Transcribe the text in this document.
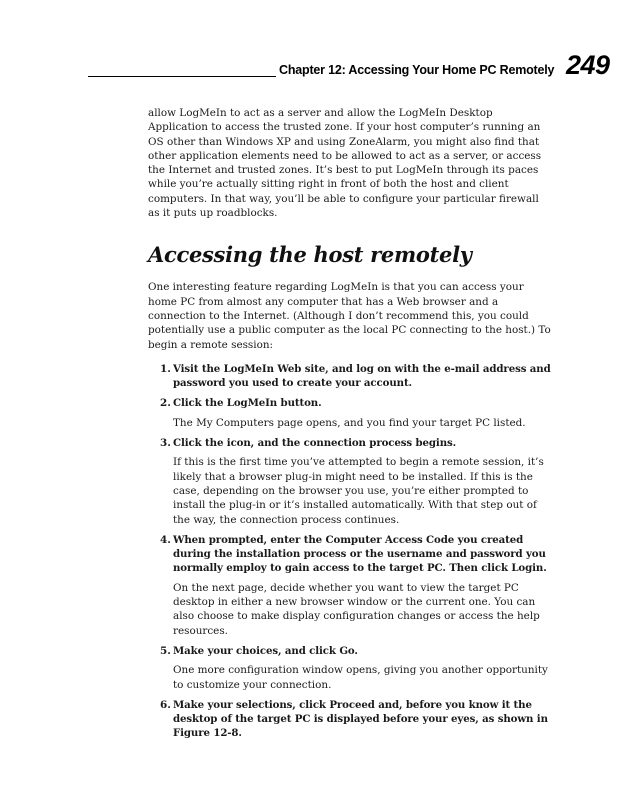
Chapter 12: Accessing Your Home PC Remotely 249

allow LogMeIn to act as a server and allow the LogMeIn Desktop Application to access the trusted zone. If your host computer’s running an OS other than Windows XP and using ZoneAlarm, you might also find that other application elements need to be allowed to act as a server, or access the Internet and trusted zones. It’s best to put LogMeIn through its paces while you’re actually sitting right in front of both the host and client computers. In that way, you’ll be able to configure your particular firewall as it puts up roadblocks.

Accessing the host remotely

One interesting feature regarding LogMeIn is that you can access your home PC from almost any computer that has a Web browser and a connection to the Internet. (Although I don’t recommend this, you could potentially use a public computer as the local PC connecting to the host.) To begin a remote session:

1. Visit the LogMeIn Web site, and log on with the e-mail address and password you used to create your account.

2. Click the LogMeIn button.

The My Computers page opens, and you find your target PC listed.

3. Click the icon, and the connection process begins.

If this is the first time you’ve attempted to begin a remote session, it’s likely that a browser plug-in might need to be installed. If this is the case, depending on the browser you use, you’re either prompted to install the plug-in or it’s installed automatically. With that step out of the way, the connection process continues.

4. When prompted, enter the Computer Access Code you created during the installation process or the username and password you normally employ to gain access to the target PC. Then click Login.

On the next page, decide whether you want to view the target PC desktop in either a new browser window or the current one. You can also choose to make display configuration changes or access the help resources.

5. Make your choices, and click Go.

One more configuration window opens, giving you another opportunity to customize your connection.

6. Make your selections, click Proceed and, before you know it the desktop of the target PC is displayed before your eyes, as shown in Figure 12-8.
